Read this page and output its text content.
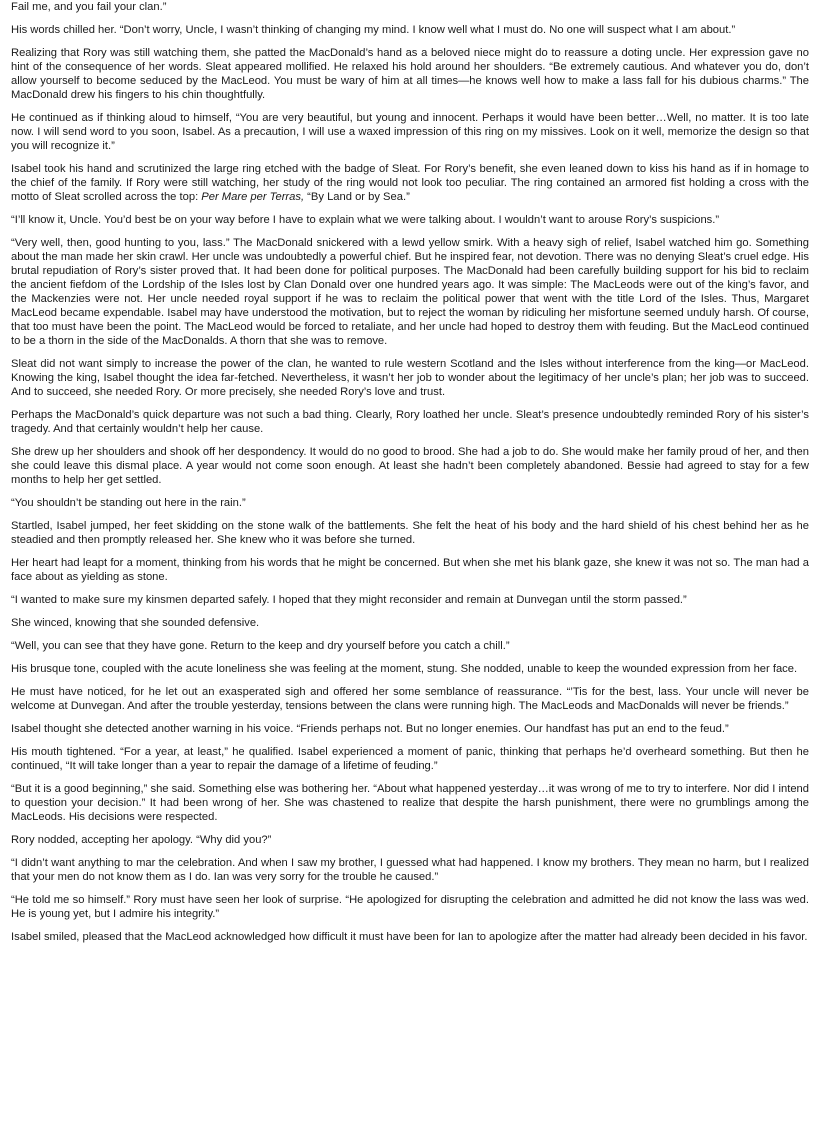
Fail me, and you fail your clan.”

His words chilled her. “Don’t worry, Uncle, I wasn’t thinking of changing my mind. I know well what I must do. No one will suspect what I am about.”

Realizing that Rory was still watching them, she patted the MacDonald’s hand as a beloved niece might do to reassure a doting uncle. Her expression gave no hint of the consequence of her words. Sleat appeared mollified. He relaxed his hold around her shoulders. “Be extremely cautious. And whatever you do, don’t allow yourself to become seduced by the MacLeod. You must be wary of him at all times—he knows well how to make a lass fall for his dubious charms.” The MacDonald drew his fingers to his chin thoughtfully.

He continued as if thinking aloud to himself, “You are very beautiful, but young and innocent. Perhaps it would have been better…Well, no matter. It is too late now. I will send word to you soon, Isabel. As a precaution, I will use a waxed impression of this ring on my missives. Look on it well, memorize the design so that you will recognize it.”

Isabel took his hand and scrutinized the large ring etched with the badge of Sleat. For Rory’s benefit, she even leaned down to kiss his hand as if in homage to the chief of the family. If Rory were still watching, her study of the ring would not look too peculiar. The ring contained an armored fist holding a cross with the motto of Sleat scrolled across the top: Per Mare per Terras, “By Land or by Sea.”

“I’ll know it, Uncle. You’d best be on your way before I have to explain what we were talking about. I wouldn’t want to arouse Rory’s suspicions.”

“Very well, then, good hunting to you, lass.” The MacDonald snickered with a lewd yellow smirk. With a heavy sigh of relief, Isabel watched him go. Something about the man made her skin crawl. Her uncle was undoubtedly a powerful chief. But he inspired fear, not devotion. There was no denying Sleat’s cruel edge. His brutal repudiation of Rory’s sister proved that. It had been done for political purposes. The MacDonald had been carefully building support for his bid to reclaim the ancient fiefdom of the Lordship of the Isles lost by Clan Donald over one hundred years ago. It was simple: The MacLeods were out of the king’s favor, and the Mackenzies were not. Her uncle needed royal support if he was to reclaim the political power that went with the title Lord of the Isles. Thus, Margaret MacLeod became expendable. Isabel may have understood the motivation, but to reject the woman by ridiculing her misfortune seemed unduly harsh. Of course, that too must have been the point. The MacLeod would be forced to retaliate, and her uncle had hoped to destroy them with feuding. But the MacLeod continued to be a thorn in the side of the MacDonalds. A thorn that she was to remove.

Sleat did not want simply to increase the power of the clan, he wanted to rule western Scotland and the Isles without interference from the king—or MacLeod. Knowing the king, Isabel thought the idea far-fetched. Nevertheless, it wasn’t her job to wonder about the legitimacy of her uncle’s plan; her job was to succeed. And to succeed, she needed Rory. Or more precisely, she needed Rory’s love and trust.

Perhaps the MacDonald’s quick departure was not such a bad thing. Clearly, Rory loathed her uncle. Sleat’s presence undoubtedly reminded Rory of his sister’s tragedy. And that certainly wouldn’t help her cause.

She drew up her shoulders and shook off her despondency. It would do no good to brood. She had a job to do. She would make her family proud of her, and then she could leave this dismal place. A year would not come soon enough. At least she hadn’t been completely abandoned. Bessie had agreed to stay for a few months to help her get settled.

“You shouldn’t be standing out here in the rain.”

Startled, Isabel jumped, her feet skidding on the stone walk of the battlements. She felt the heat of his body and the hard shield of his chest behind her as he steadied and then promptly released her. She knew who it was before she turned.

Her heart had leapt for a moment, thinking from his words that he might be concerned. But when she met his blank gaze, she knew it was not so. The man had a face about as yielding as stone.

“I wanted to make sure my kinsmen departed safely. I hoped that they might reconsider and remain at Dunvegan until the storm passed.”

She winced, knowing that she sounded defensive.

“Well, you can see that they have gone. Return to the keep and dry yourself before you catch a chill.”

His brusque tone, coupled with the acute loneliness she was feeling at the moment, stung. She nodded, unable to keep the wounded expression from her face.

He must have noticed, for he let out an exasperated sigh and offered her some semblance of reassurance. “’Tis for the best, lass. Your uncle will never be welcome at Dunvegan. And after the trouble yesterday, tensions between the clans were running high. The MacLeods and MacDonalds will never be friends.”

Isabel thought she detected another warning in his voice. “Friends perhaps not. But no longer enemies. Our handfast has put an end to the feud.”

His mouth tightened. “For a year, at least,” he qualified. Isabel experienced a moment of panic, thinking that perhaps he’d overheard something. But then he continued, “It will take longer than a year to repair the damage of a lifetime of feuding.”

“But it is a good beginning,” she said. Something else was bothering her. “About what happened yesterday…it was wrong of me to try to interfere. Nor did I intend to question your decision.” It had been wrong of her. She was chastened to realize that despite the harsh punishment, there were no grumblings among the MacLeods. His decisions were respected.

Rory nodded, accepting her apology. “Why did you?”

“I didn’t want anything to mar the celebration. And when I saw my brother, I guessed what had happened. I know my brothers. They mean no harm, but I realized that your men do not know them as I do. Ian was very sorry for the trouble he caused.”

“He told me so himself.” Rory must have seen her look of surprise. “He apologized for disrupting the celebration and admitted he did not know the lass was wed. He is young yet, but I admire his integrity.”

Isabel smiled, pleased that the MacLeod acknowledged how difficult it must have been for Ian to apologize after the matter had already been decided in his favor.
